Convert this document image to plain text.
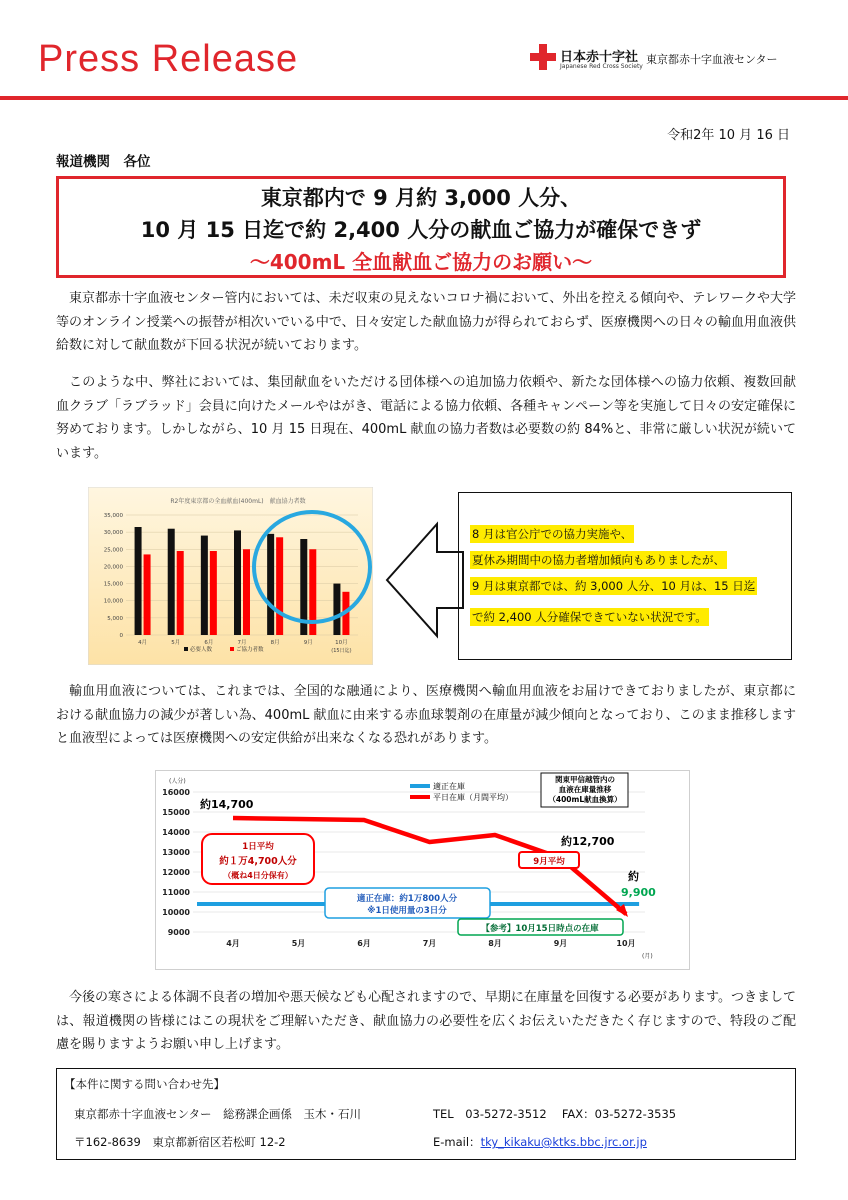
Press Release	日本赤十字社
Japanese Red Cross Society
東京都赤十字血液センター
令和2年 10 月 16 日
報道機関　各位
東京都内で 9 月約 3,000 人分、
10 月 15 日迄で約 2,400 人分の献血ご協力が確保できず
～400mL 全血献血ご協力のお願い～
東京都赤十字血液センター管内においては、未だ収束の見えないコロナ禍において、外出を控える傾向や、テレワークや大学等のオンライン授業への振替が相次いでいる中で、日々安定した献血協力が得られておらず、医療機関への日々の輸血用血液供給数に対して献血数が下回る状況が続いております。
このような中、弊社においては、集団献血をいただける団体様への追加協力依頼や、新たな団体様への協力依頼、複数回献血クラブ「ラブラッド」会員に向けたメールやはがき、電話による協力依頼、各種キャンペーン等を実施して日々の安定確保に努めております。しかしながら、10 月 15 日現在、400mL 献血の協力者数は必要数の約 84%と、非常に厳しい状況が続いています。
R2年度東京都の全血献血(400mL)　献血協力者数
0
5,000
10,000
15,000
20,000
25,000
30,000
35,000
4月	5月	6月	7月	8月	9月	10月
(15日迄)
必要人数	ご協力者数
8 月は官公庁での協力実施や、
夏休み期間中の協力者増加傾向もありましたが、
9 月は東京都では、約 3,000 人分、10 月は、15 日迄
で約 2,400 人分確保できていない状況です。
輸血用血液については、これまでは、全国的な融通により、医療機関へ輸血用血液をお届けできておりましたが、東京都における献血協力の減少が著しい為、400mL 献血に由来する赤血球製剤の在庫量が減少傾向となっており、このまま推移しますと血液型によっては医療機関への安定供給が出来なくなる恐れがあります。
(人分)
(月)
9000
10000
11000
12000
13000
14000
15000
16000
4月	5月	6月	7月	8月	9月	10月
適正在庫
平日在庫（月間平均）
関東甲信越管内の
血液在庫量推移
（400mL献血換算）
約14,700
1日平均
約１万4,700人分
（概ね4日分保有）
約12,700
9月平均
約
9,900
適正在庫：約1万800人分
※1日使用量の3日分
【参考】10月15日時点の在庫
今後の寒さによる体調不良者の増加や悪天候なども心配されますので、早期に在庫量を回復する必要があります。つきましては、報道機関の皆様にはこの現状をご理解いただき、献血協力の必要性を広くお伝えいただきたく存じますので、特段のご配慮を賜りますようお願い申し上げます。
【本件に関する問い合わせ先】
東京都赤十字血液センター　総務課企画係　玉木・石川	TEL　03-5272-3512　 FAX：03-5272-3535
〒162-8639　東京都新宿区若松町 12-2	E-mail：tky_kikaku@ktks.bbc.jrc.or.jp
